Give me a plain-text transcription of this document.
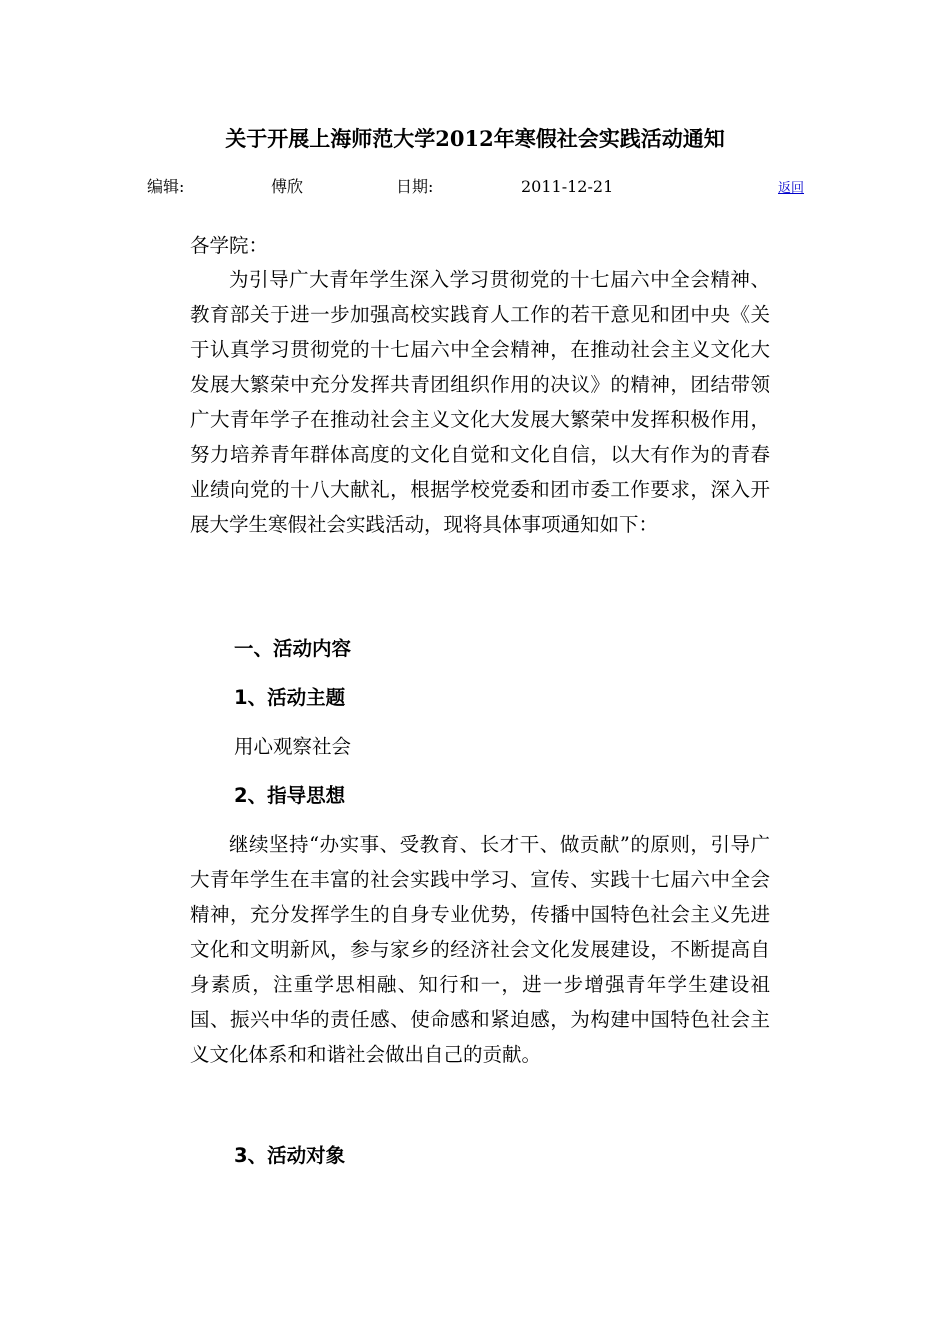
关于开展上海师范大学2012年寒假社会实践活动通知
编辑:	傅欣	日期:	2011-12-21	返回
各学院：

为引导广大青年学生深入学习贯彻党的十七届六中全会精神、教育部关于进一步加强高校实践育人工作的若干意见和团中央《关于认真学习贯彻党的十七届六中全会精神，在推动社会主义文化大发展大繁荣中充分发挥共青团组织作用的决议》的精神，团结带领广大青年学子在推动社会主义文化大发展大繁荣中发挥积极作用，努力培养青年群体高度的文化自觉和文化自信，以大有作为的青春业绩向党的十八大献礼，根据学校党委和团市委工作要求，深入开展大学生寒假社会实践活动，现将具体事项通知如下：

一、活动内容
1、活动主题
用心观察社会
2、指导思想

继续坚持“办实事、受教育、长才干、做贡献”的原则，引导广大青年学生在丰富的社会实践中学习、宣传、实践十七届六中全会精神，充分发挥学生的自身专业优势，传播中国特色社会主义先进文化和文明新风，参与家乡的经济社会文化发展建设，不断提高自身素质，注重学思相融、知行和一，进一步增强青年学生建设祖国、振兴中华的责任感、使命感和紧迫感，为构建中国特色社会主义文化体系和和谐社会做出自己的贡献。

3、活动对象
